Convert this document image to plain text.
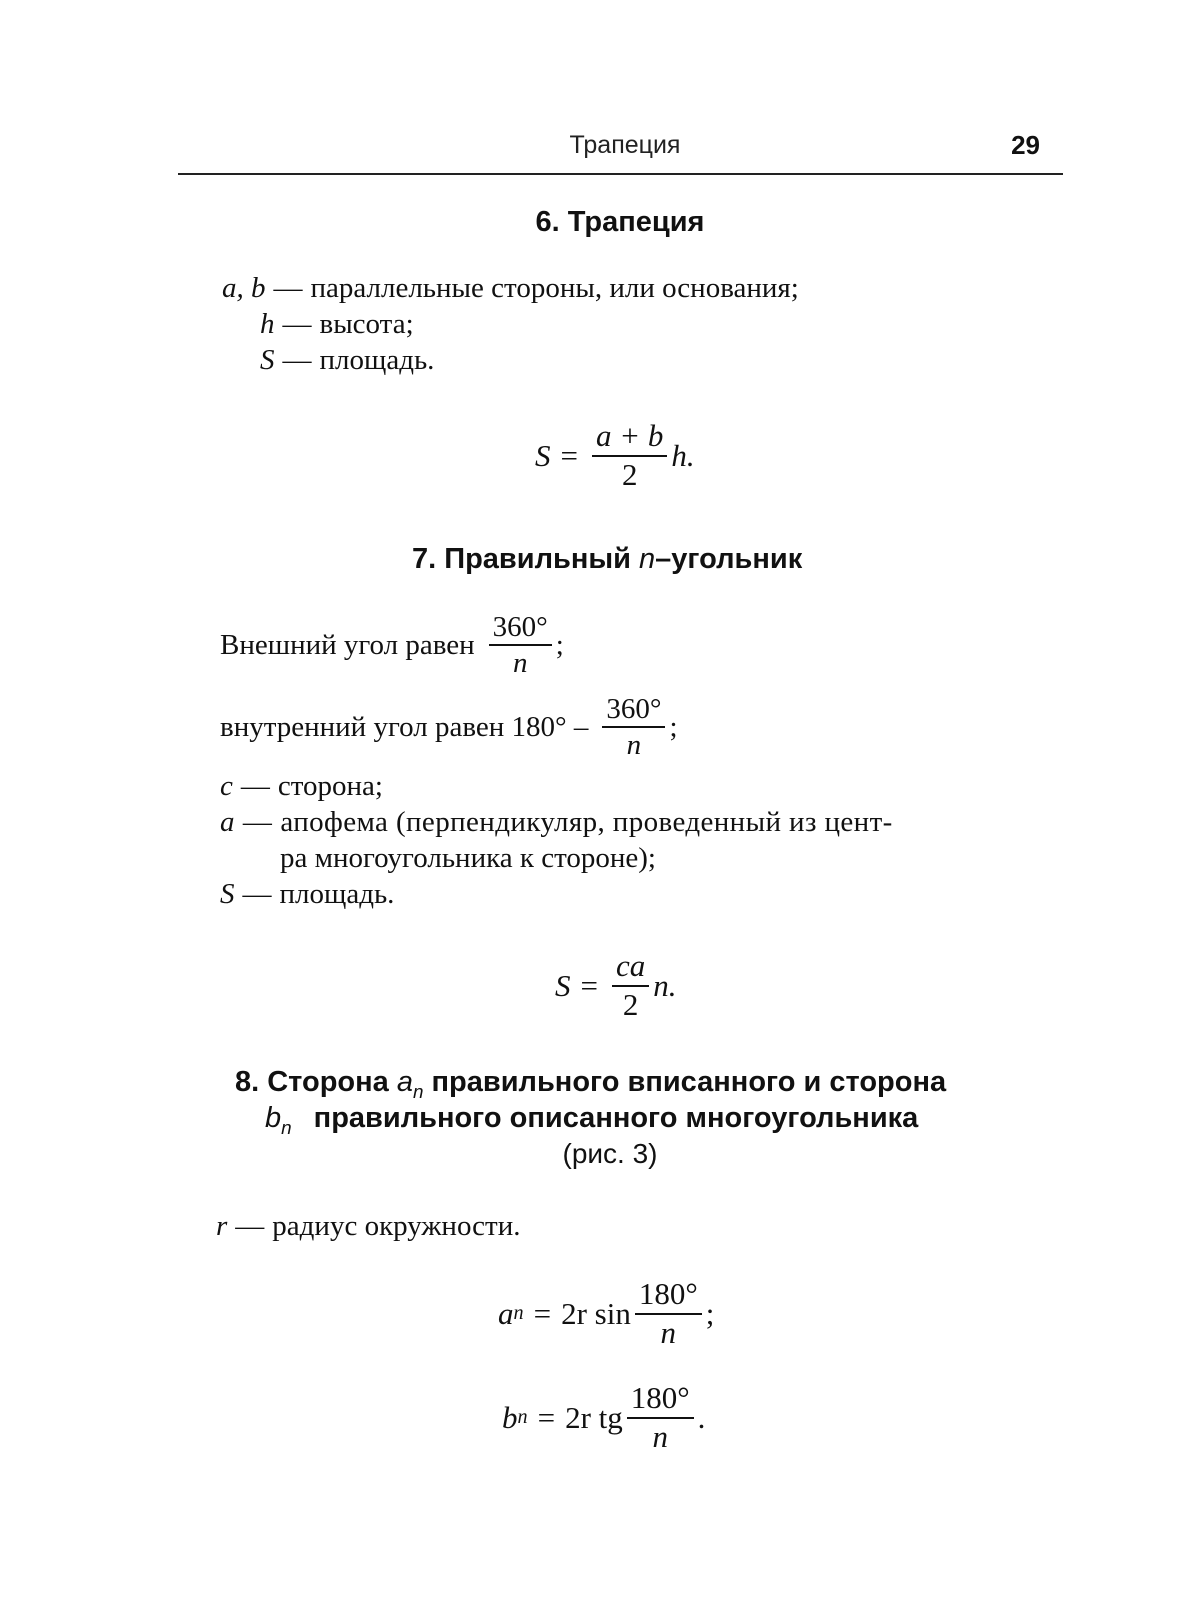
Трапеция	29
6. Трапеция
a, b — параллельные стороны, или основания;
h — высота;
S — площадь.
$S = \frac{a + b}{2} h$.
7. Правильный n–угольник
Внешний угол равен $\frac{360^\circ}{n}$ ;
внутренний угол равен $180^\circ - \frac{360^\circ}{n}$ ;
c — сторона;
a — апофема (перпендикуляр, проведенный из цент-
ра многоугольника к стороне);
S — площадь.
$S = \frac{ca}{2} n$.
8. Сторона $a_n$ правильного вписанного и сторона
$b_n$ правильного описанного многоугольника
(рис. 3)
r — радиус окружности.
a n = 2r $\sin \frac{180^\circ}{n}$ ;
b n = 2r tg $\frac{180^\circ}{n}$ .
